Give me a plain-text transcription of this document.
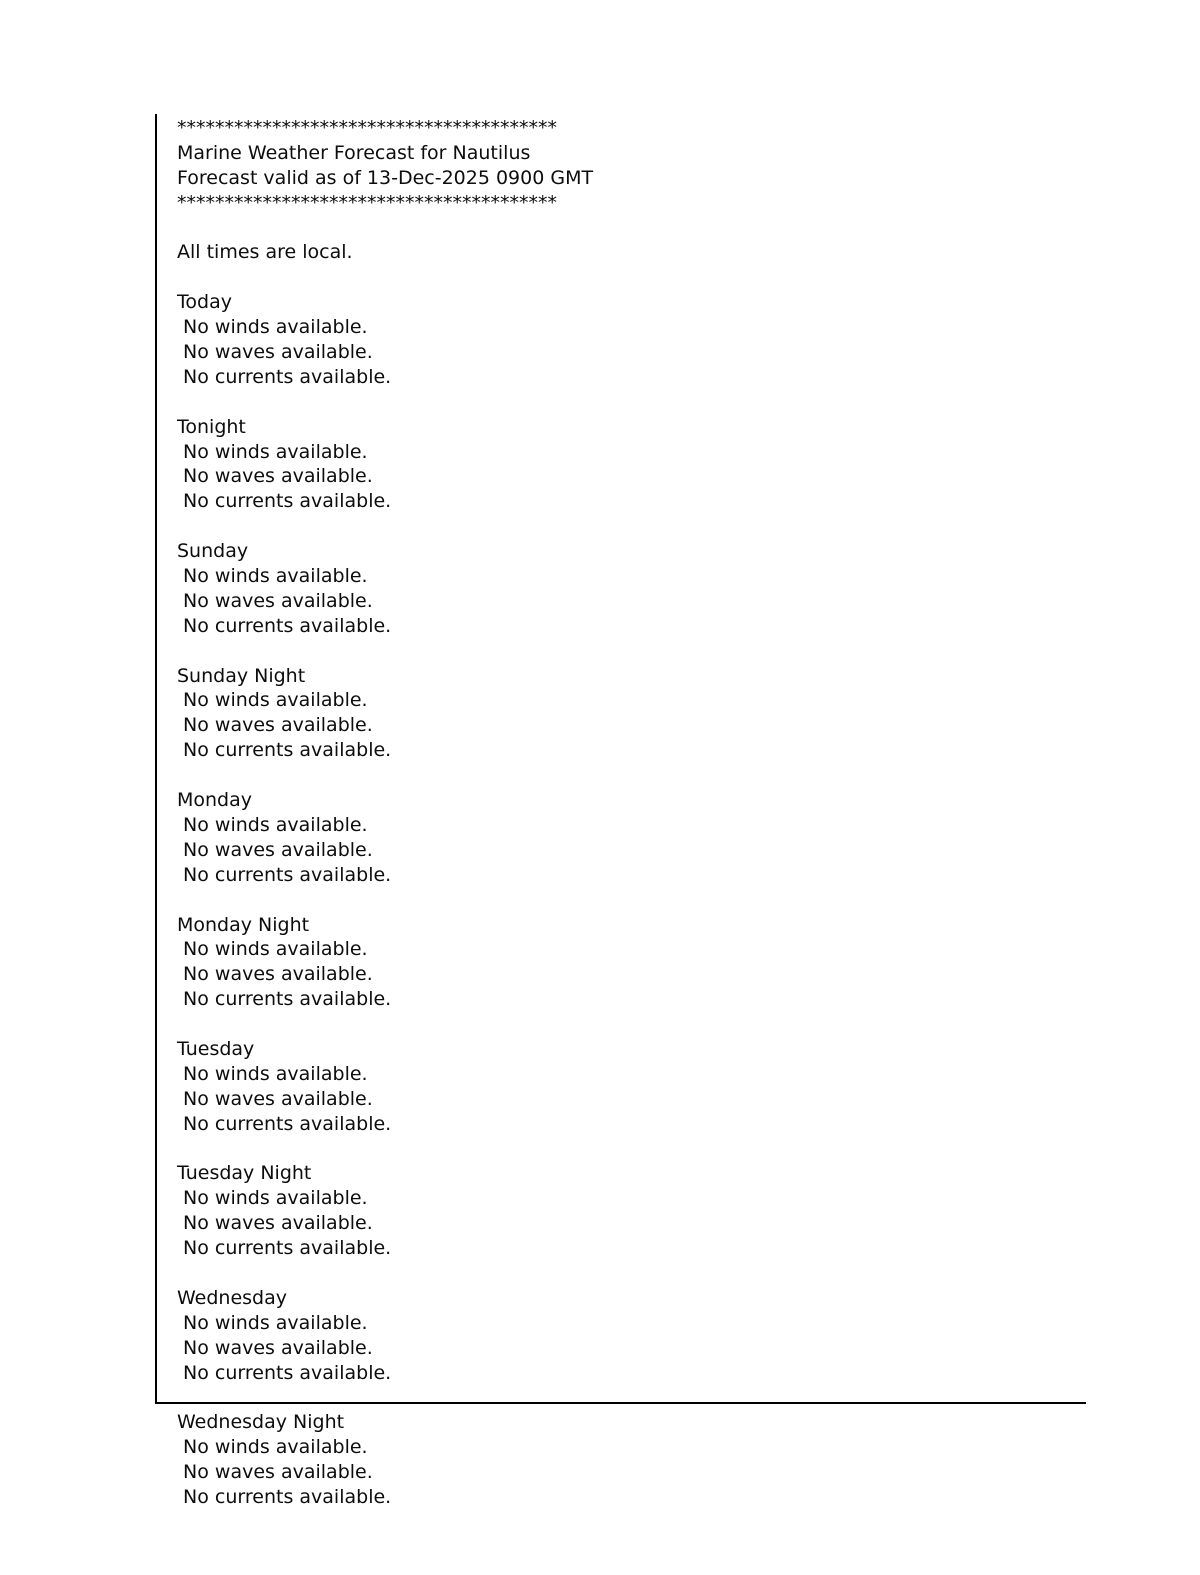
****************************************
Marine Weather Forecast for Nautilus
Forecast valid as of 13-Dec-2025 0900 GMT
****************************************
All times are local.
Today
No winds available.
No waves available.
No currents available.
Tonight
No winds available.
No waves available.
No currents available.
Sunday
No winds available.
No waves available.
No currents available.
Sunday Night
No winds available.
No waves available.
No currents available.
Monday
No winds available.
No waves available.
No currents available.
Monday Night
No winds available.
No waves available.
No currents available.
Tuesday
No winds available.
No waves available.
No currents available.
Tuesday Night
No winds available.
No waves available.
No currents available.
Wednesday
No winds available.
No waves available.
No currents available.
Wednesday Night
No winds available.
No waves available.
No currents available.
